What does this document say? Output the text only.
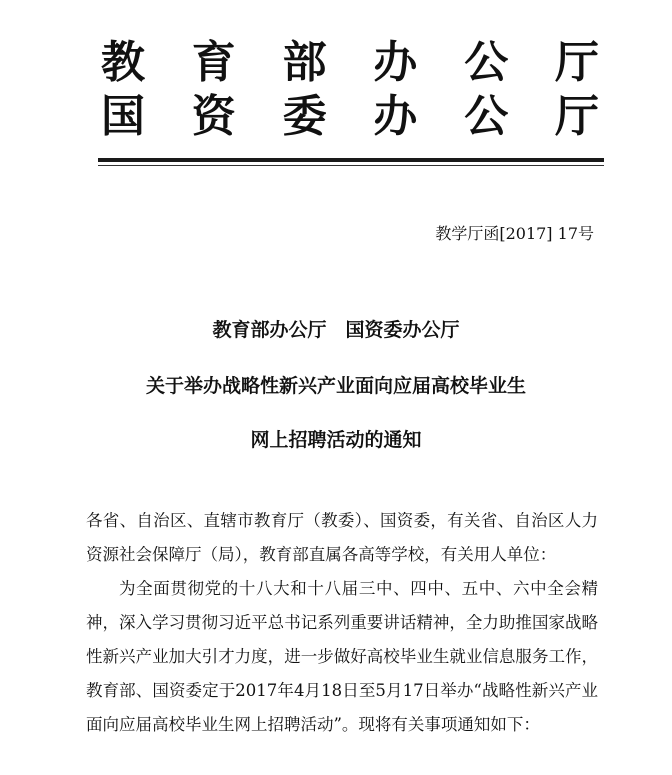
教 育 部 办 公 厅
国 资 委 办 公 厅
教学厅函[2017] 17号
教育部办公厅　国资委办公厅
关于举办战略性新兴产业面向应届高校毕业生
网上招聘活动的通知

各省、自治区、直辖市教育厅（教委）、国资委，有关省、自治区人力资源社会保障厅（局），教育部直属各高等学校，有关用人单位：

为全面贯彻党的十八大和十八届三中、四中、五中、六中全会精神，深入学习贯彻习近平总书记系列重要讲话精神，全力助推国家战略性新兴产业加大引才力度，进一步做好高校毕业生就业信息服务工作，教育部、国资委定于2017年4月18日至5月17日举办“战略性新兴产业面向应届高校毕业生网上招聘活动”。现将有关事项通知如下：
